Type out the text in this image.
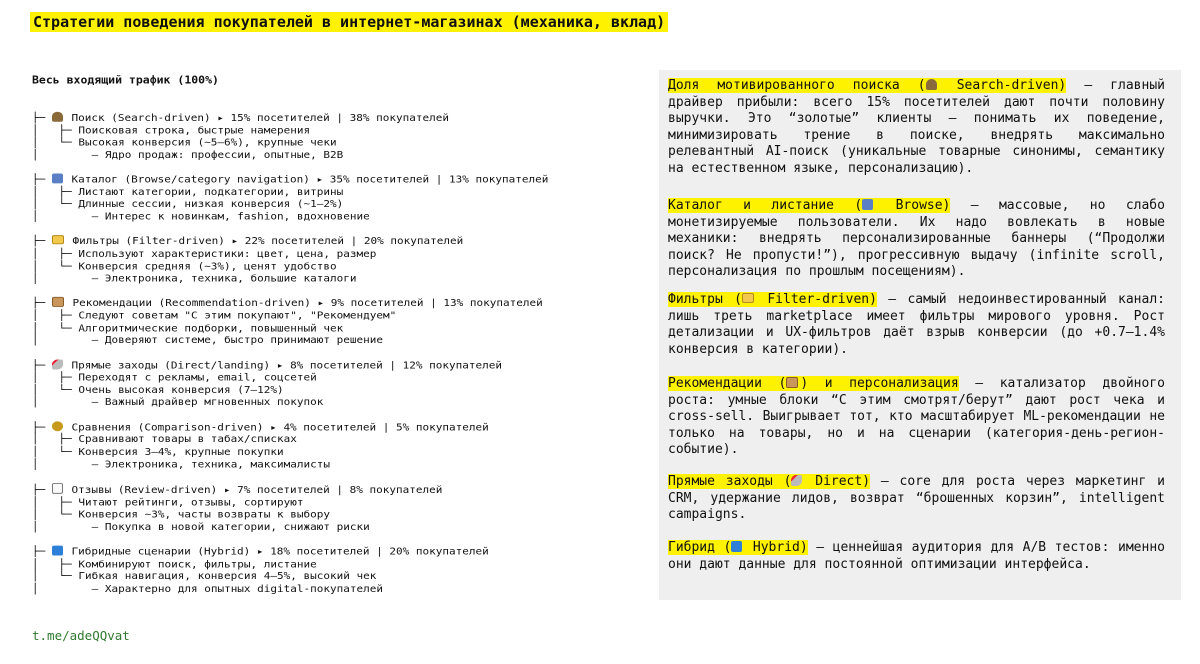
Стратегии поведения покупателей в интернет-магазинах (механика, вклад)

Весь входящий трафик (100%)

├─  Поиск (Search-driven) ▸ 15% посетителей | 38% покупателей
│   ├─ Поисковая строка, быстрые намерения
│   └─ Высокая конверсия (~5–6%), крупные чеки
│        – Ядро продаж: профессии, опытные, B2B
├─  Каталог (Browse/category navigation) ▸ 35% посетителей | 13% покупателей
│   ├─ Листают категории, подкатегории, витрины
│   └─ Длинные сессии, низкая конверсия (~1–2%)
│        – Интерес к новинкам, fashion, вдохновение
├─  Фильтры (Filter-driven) ▸ 22% посетителей | 20% покупателей
│   ├─ Используют характеристики: цвет, цена, размер
│   └─ Конверсия средняя (~3%), ценят удобство
│        – Электроника, техника, большие каталоги
├─  Рекомендации (Recommendation-driven) ▸ 9% посетителей | 13% покупателей
│   ├─ Следуют советам "С этим покупают", "Рекомендуем"
│   └─ Алгоритмические подборки, повышенный чек
│        – Доверяют системе, быстро принимают решение
├─  Прямые заходы (Direct/landing) ▸ 8% посетителей | 12% покупателей
│   ├─ Переходят с рекламы, email, соцсетей
│   └─ Очень высокая конверсия (7–12%)
│        – Важный драйвер мгновенных покупок
├─  Сравнения (Comparison-driven) ▸ 4% посетителей | 5% покупателей
│   ├─ Сравнивают товары в табах/списках
│   └─ Конверсия 3–4%, крупные покупки
│        – Электроника, техника, максималисты
├─  Отзывы (Review-driven) ▸ 7% посетителей | 8% покупателей
│   ├─ Читают рейтинги, отзывы, сортируют
│   └─ Конверсия ~3%, часты возвраты к выбору
│        – Покупка в новой категории, снижают риски
├─  Гибридные сценарии (Hybrid) ▸ 18% посетителей | 20% покупателей
│   ├─ Комбинируют поиск, фильтры, листание
│   └─ Гибкая навигация, конверсия 4–5%, высокий чек
│        – Характерно для опытных digital-покупателей

t.me/adeQQvat
Доля мотивированного поиска ( Search-driven) – главный драйвер прибыли: всего 15% посетителей дают почти половину выручки. Это “золотые” клиенты – понимать их поведение, минимизировать трение в поиске, внедрять максимально релевантный AI-поиск (уникальные товарные синонимы, семантику на естественном языке, персонализацию).
Каталог и листание ( Browse) – массовые, но слабо монетизируемые пользователи. Их надо вовлекать в новые механики: внедрять персонализированные баннеры (“Продолжи поиск? Не пропусти!”), прогрессивную выдачу (infinite scroll, персонализация по прошлым посещениям).
Фильтры ( Filter-driven) – самый недоинвестированный канал: лишь треть marketplace имеет фильтры мирового уровня. Рост детализации и UX-фильтров даёт взрыв конверсии (до +0.7–1.4% конверсия в категории).
Рекомендации ( ) и персонализация – катализатор двойного роста: умные блоки “С этим смотрят/берут” дают рост чека и cross-sell. Выигрывает тот, кто масштабирует ML-рекомендации не только на товары, но и на сценарии (категория-день-регион-событие).
Прямые заходы ( Direct) – core для роста через маркетинг и CRM, удержание лидов, возврат “брошенных корзин”, intelligent campaigns.
Гибрид ( Hybrid) – ценнейшая аудитория для A/B тестов: именно они дают данные для постоянной оптимизации интерфейса.
